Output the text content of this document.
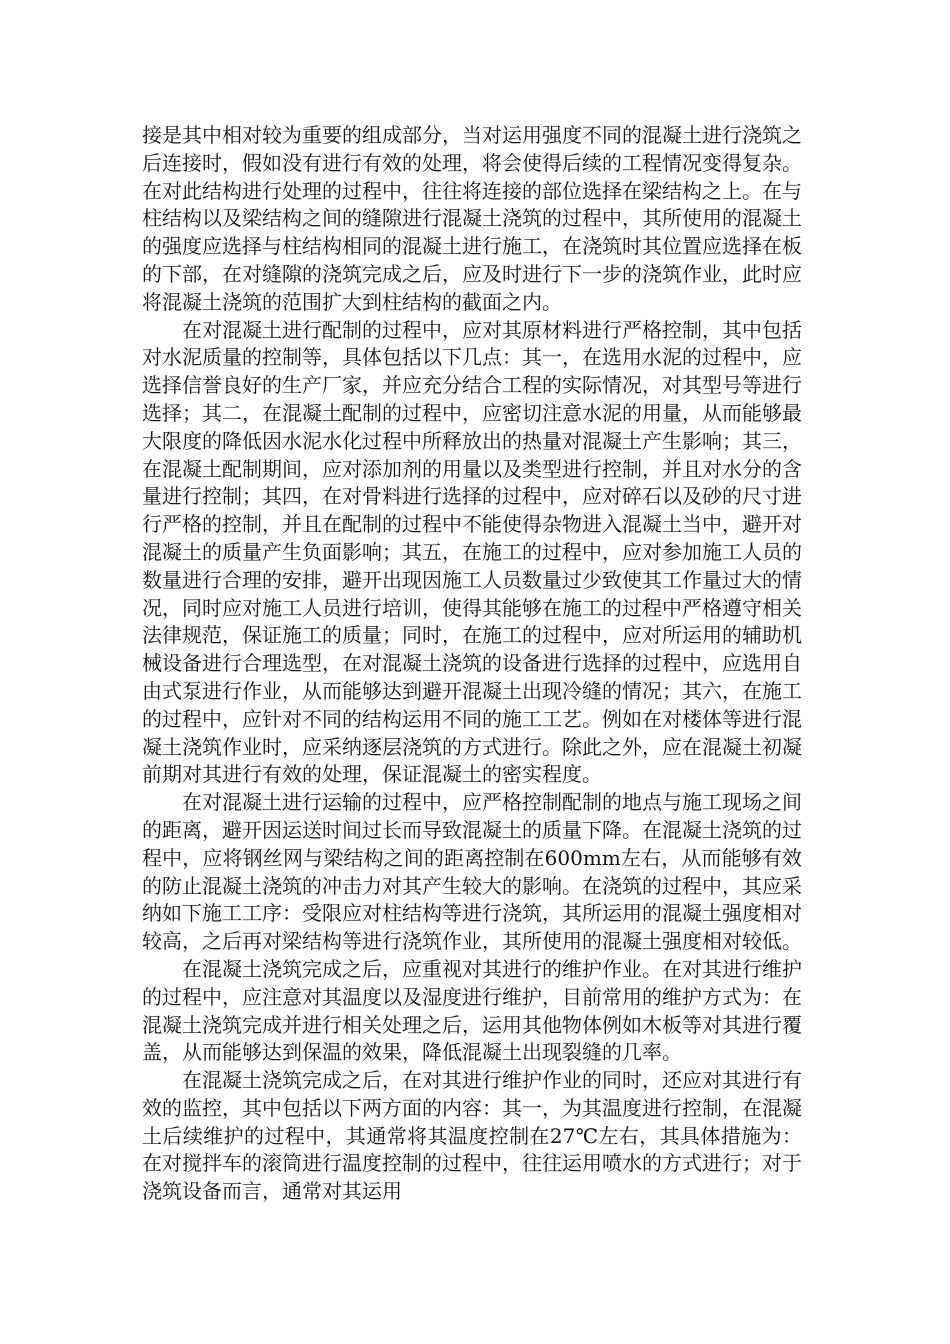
接是其中相对较为重要的组成部分，当对运用强度不同的混凝土进行浇筑之后连接时，假如没有进行有效的处理，将会使得后续的工程情况变得复杂。在对此结构进行处理的过程中，往往将连接的部位选择在梁结构之上。在与柱结构以及梁结构之间的缝隙进行混凝土浇筑的过程中，其所使用的混凝土的强度应选择与柱结构相同的混凝土进行施工，在浇筑时其位置应选择在板的下部，在对缝隙的浇筑完成之后，应及时进行下一步的浇筑作业，此时应将混凝土浇筑的范围扩大到柱结构的截面之内。

在对混凝土进行配制的过程中，应对其原材料进行严格控制，其中包括对水泥质量的控制等，具体包括以下几点：其一，在选用水泥的过程中，应选择信誉良好的生产厂家，并应充分结合工程的实际情况，对其型号等进行选择；其二，在混凝土配制的过程中，应密切注意水泥的用量，从而能够最大限度的降低因水泥水化过程中所释放出的热量对混凝土产生影响；其三，在混凝土配制期间，应对添加剂的用量以及类型进行控制，并且对水分的含量进行控制；其四，在对骨料进行选择的过程中，应对碎石以及砂的尺寸进行严格的控制，并且在配制的过程中不能使得杂物进入混凝土当中，避开对混凝土的质量产生负面影响；其五，在施工的过程中，应对参加施工人员的数量进行合理的安排，避开出现因施工人员数量过少致使其工作量过大的情况，同时应对施工人员进行培训，使得其能够在施工的过程中严格遵守相关法律规范，保证施工的质量；同时，在施工的过程中，应对所运用的辅助机械设备进行合理选型，在对混凝土浇筑的设备进行选择的过程中，应选用自由式泵进行作业，从而能够达到避开混凝土出现冷缝的情况；其六，在施工的过程中，应针对不同的结构运用不同的施工工艺。例如在对楼体等进行混凝土浇筑作业时，应采纳逐层浇筑的方式进行。除此之外，应在混凝土初凝前期对其进行有效的处理，保证混凝土的密实程度。

在对混凝土进行运输的过程中，应严格控制配制的地点与施工现场之间的距离，避开因运送时间过长而导致混凝土的质量下降。在混凝土浇筑的过程中，应将钢丝网与梁结构之间的距离控制在600mm左右，从而能够有效的防止混凝土浇筑的冲击力对其产生较大的影响。在浇筑的过程中，其应采纳如下施工工序：受限应对柱结构等进行浇筑，其所运用的混凝土强度相对较高，之后再对梁结构等进行浇筑作业，其所使用的混凝土强度相对较低。

在混凝土浇筑完成之后，应重视对其进行的维护作业。在对其进行维护的过程中，应注意对其温度以及湿度进行维护，目前常用的维护方式为：在混凝土浇筑完成并进行相关处理之后，运用其他物体例如木板等对其进行覆盖，从而能够达到保温的效果，降低混凝土出现裂缝的几率。

在混凝土浇筑完成之后，在对其进行维护作业的同时，还应对其进行有效的监控，其中包括以下两方面的内容：其一，为其温度进行控制，在混凝土后续维护的过程中，其通常将其温度控制在27℃左右，其具体措施为：在对搅拌车的滚筒进行温度控制的过程中，往往运用喷水的方式进行；对于浇筑设备而言，通常对其运用
